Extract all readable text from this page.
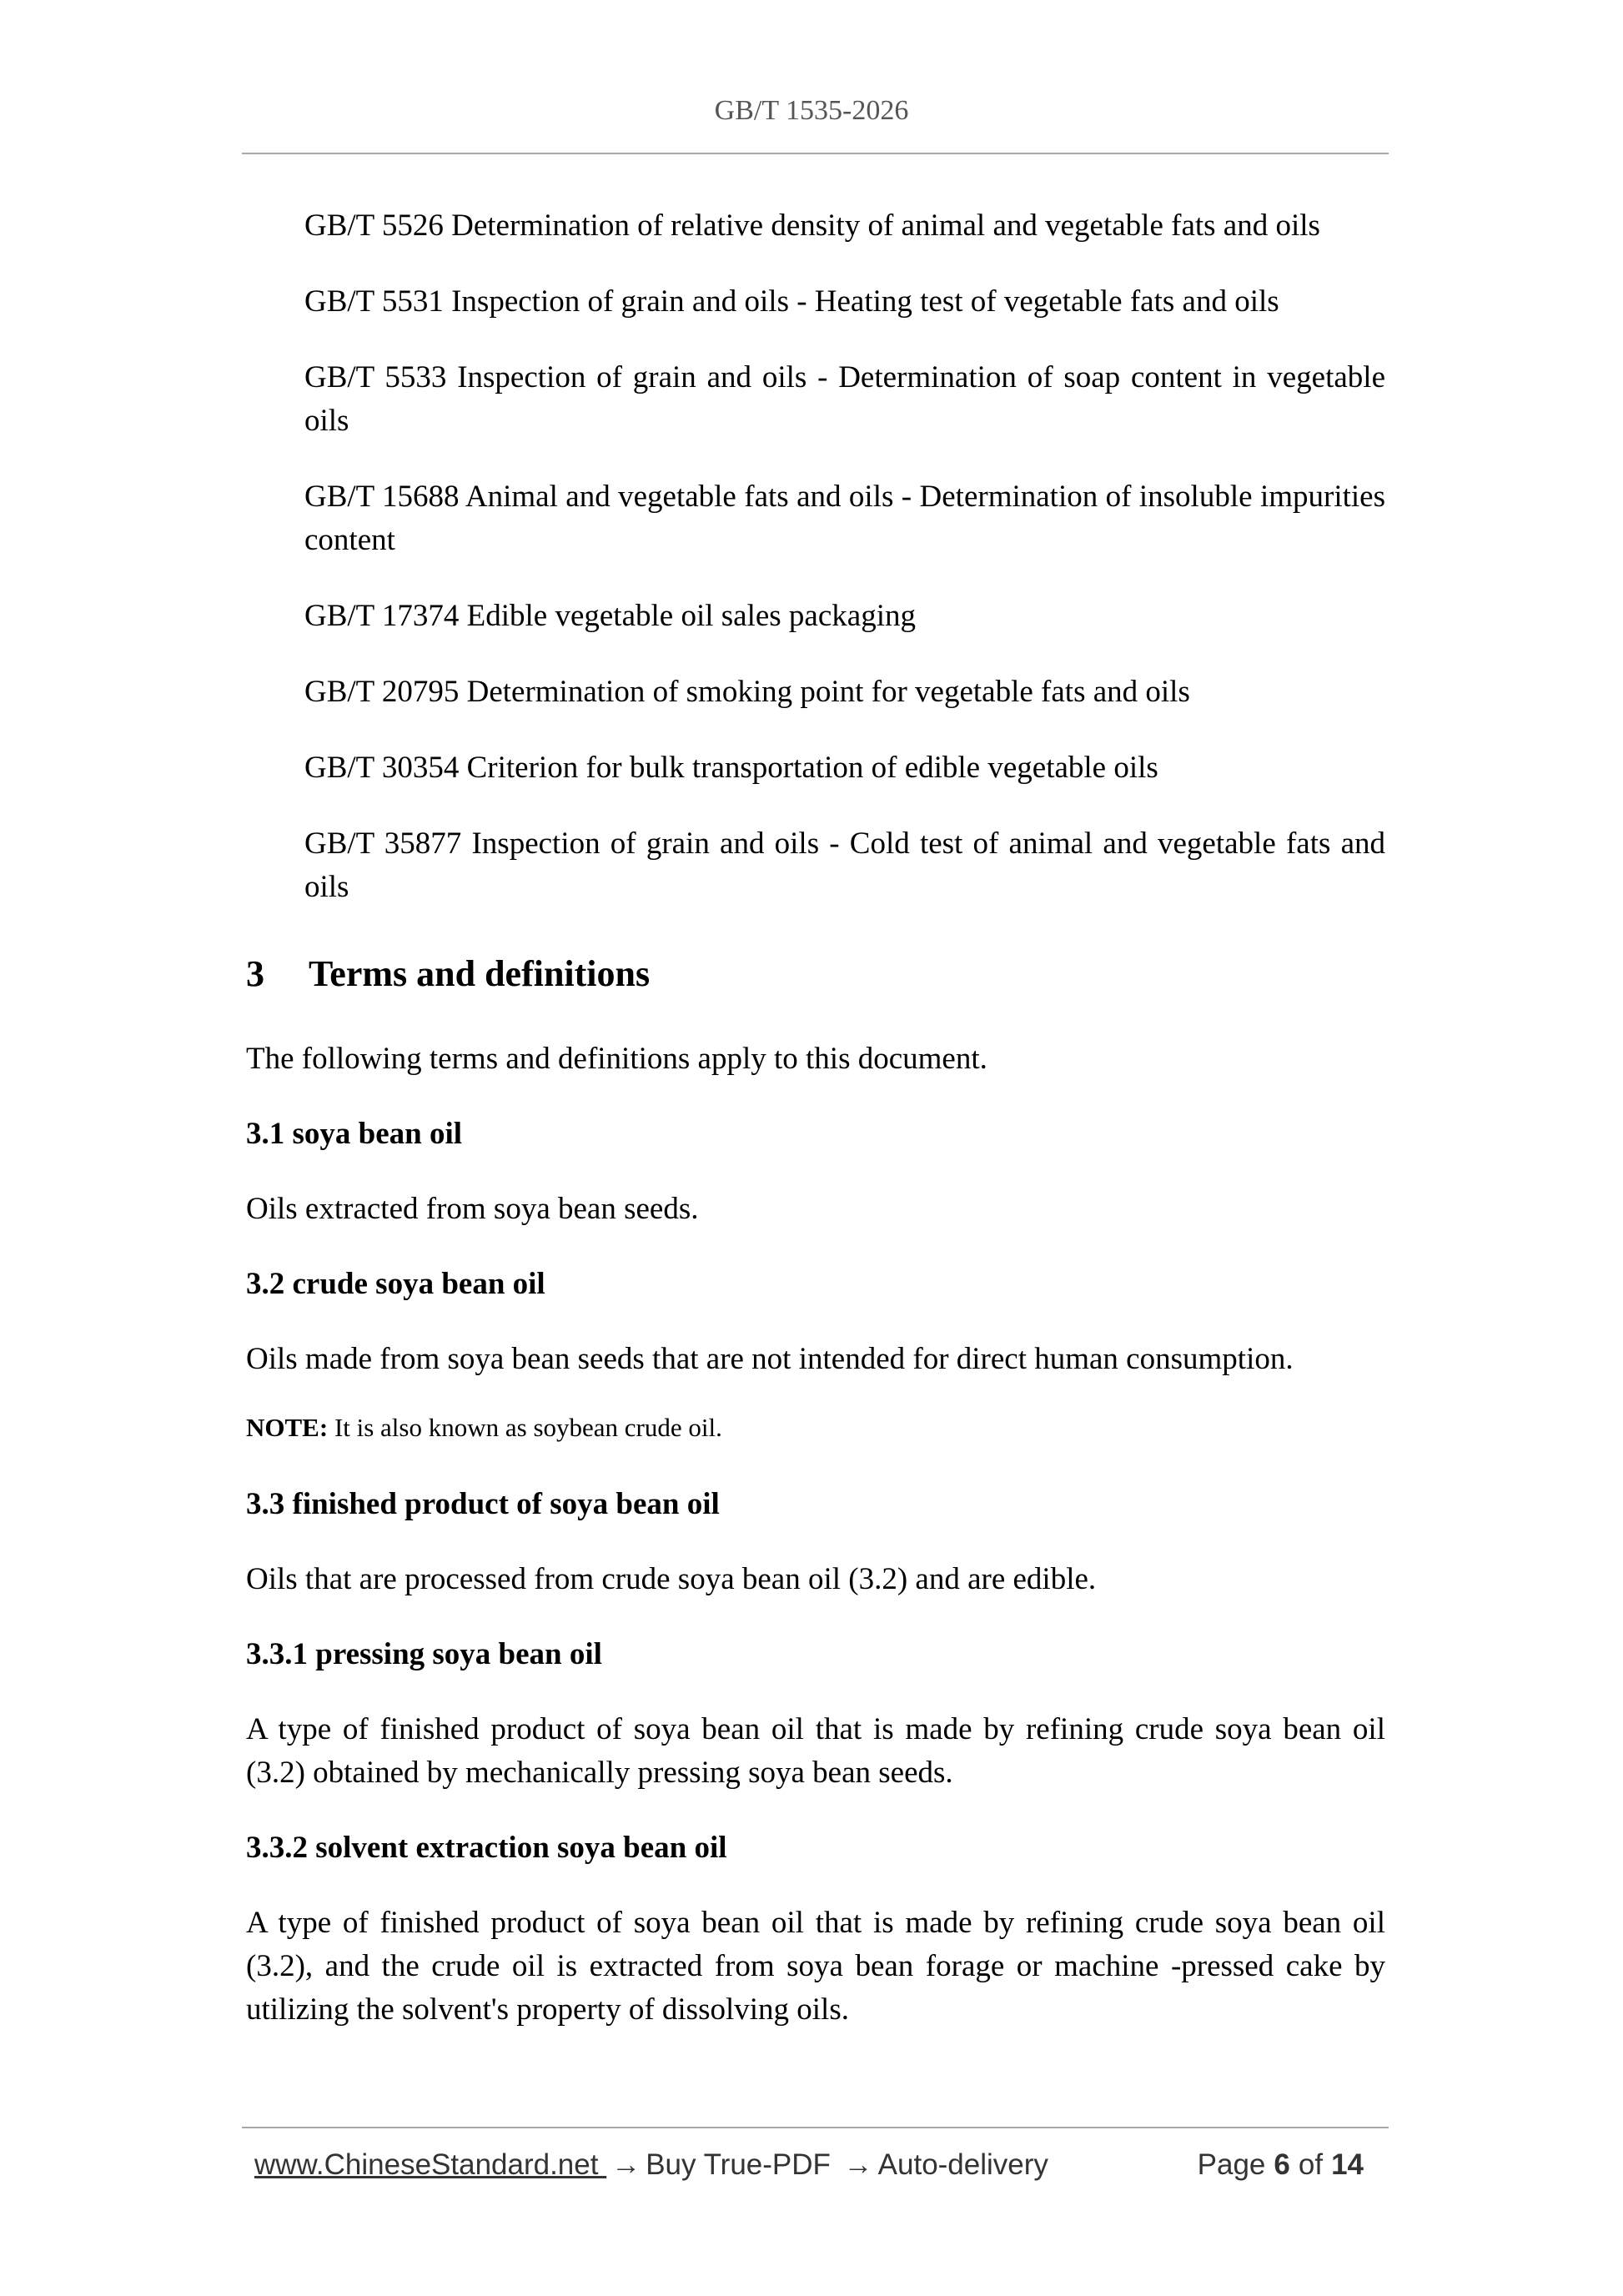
GB/T 1535-2026

GB/T 5526 Determination of relative density of animal and vegetable fats and oils

GB/T 5531 Inspection of grain and oils - Heating test of vegetable fats and oils

GB/T 5533 Inspection of grain and oils - Determination of soap content in vegetable oils

GB/T 15688 Animal and vegetable fats and oils - Determination of insoluble impurities content

GB/T 17374 Edible vegetable oil sales packaging

GB/T 20795 Determination of smoking point for vegetable fats and oils

GB/T 30354 Criterion for bulk transportation of edible vegetable oils

GB/T 35877 Inspection of grain and oils - Cold test of animal and vegetable fats and oils

3	Terms and definitions

The following terms and definitions apply to this document.

3.1 soya bean oil

Oils extracted from soya bean seeds.

3.2 crude soya bean oil

Oils made from soya bean seeds that are not intended for direct human consumption.

NOTE: It is also known as soybean crude oil.

3.3 finished product of soya bean oil

Oils that are processed from crude soya bean oil (3.2) and are edible.

3.3.1 pressing soya bean oil

A type of finished product of soya bean oil that is made by refining crude soya bean oil (3.2) obtained by mechanically pressing soya bean seeds.

3.3.2 solvent extraction soya bean oil

A type of finished product of soya bean oil that is made by refining crude soya bean oil (3.2), and the crude oil is extracted from soya bean forage or machine -pressed cake by utilizing the solvent's property of dissolving oils.

www.ChineseStandard.net → Buy True-PDF → Auto-delivery	Page 6 of 14
